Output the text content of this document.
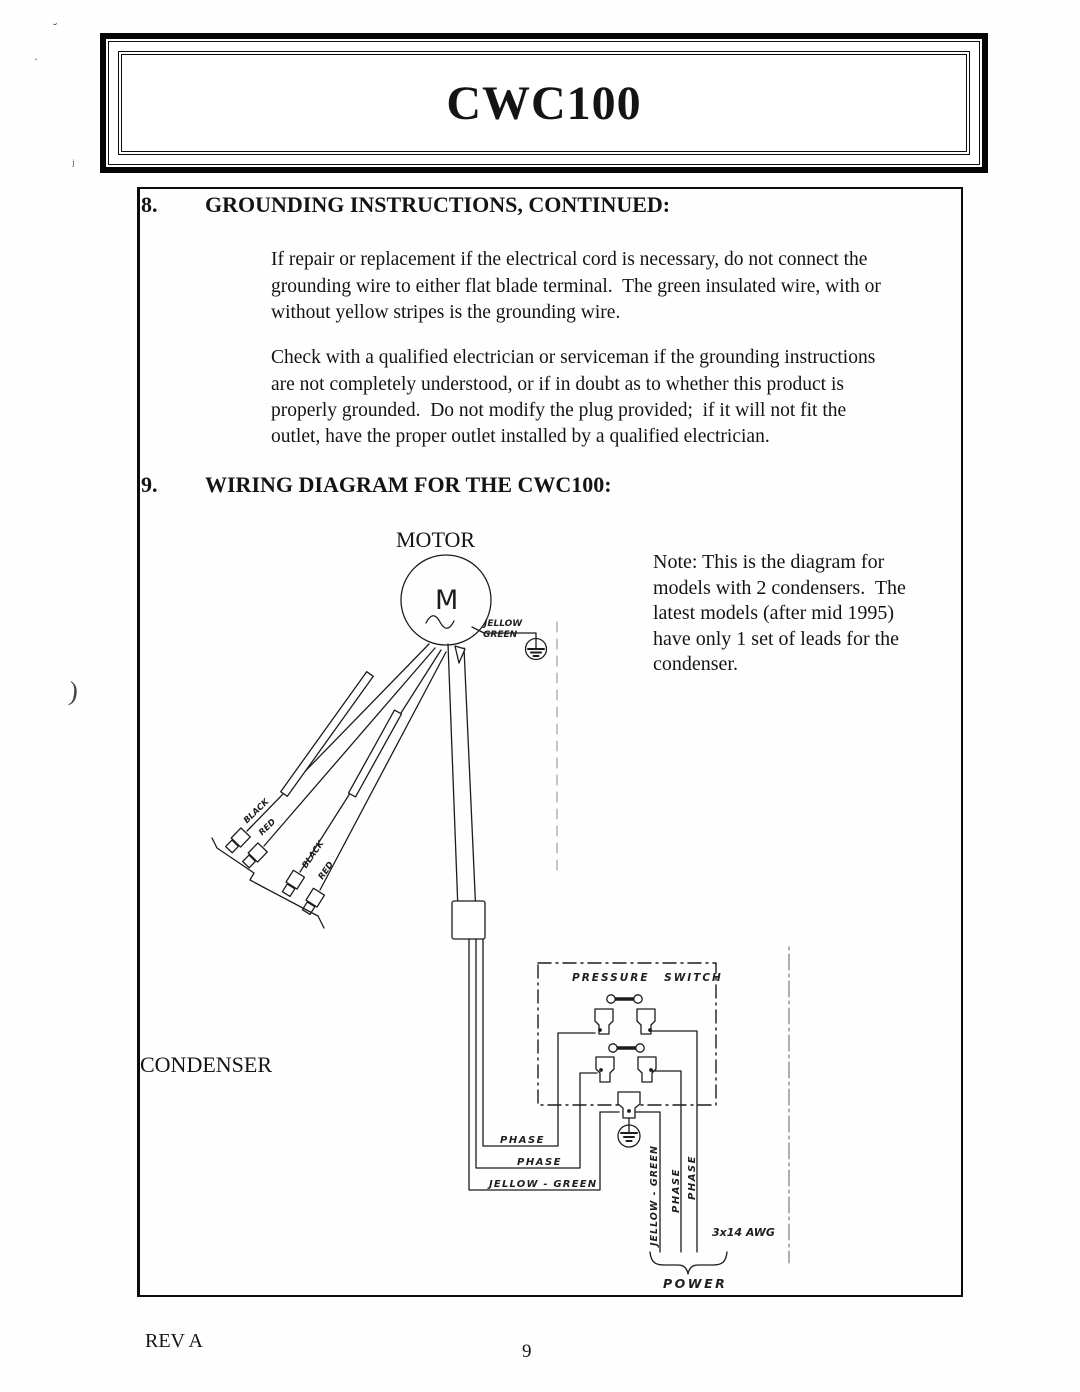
CWC100
˘
·
ʲ
)
8. GROUNDING INSTRUCTIONS, CONTINUED:
If repair or replacement if the electrical cord is necessary, do not connect the
grounding wire to either flat blade terminal.  The green insulated wire, with or
without yellow stripes is the grounding wire.
Check with a qualified electrician or serviceman if the grounding instructions
are not completely understood, or if in doubt as to whether this product is
properly grounded.  Do not modify the plug provided;  if it will not fit the
outlet, have the proper outlet installed by a qualified electrician.
9. WIRING DIAGRAM FOR THE CWC100:
Note: This is the diagram for
models with 2 condensers.  The
latest models (after mid 1995)
have only 1 set of leads for the
condenser.
MOTOR
M
JELLOW
GREEN
BLACK
RED
BLACK
RED
CONDENSER
PRESSURE SWITCH
PHASE
PHASE
JELLOW - GREEN	JELLOW - GREEN PHASE PHASE
3x14 AWG
POWER
REV A	9
